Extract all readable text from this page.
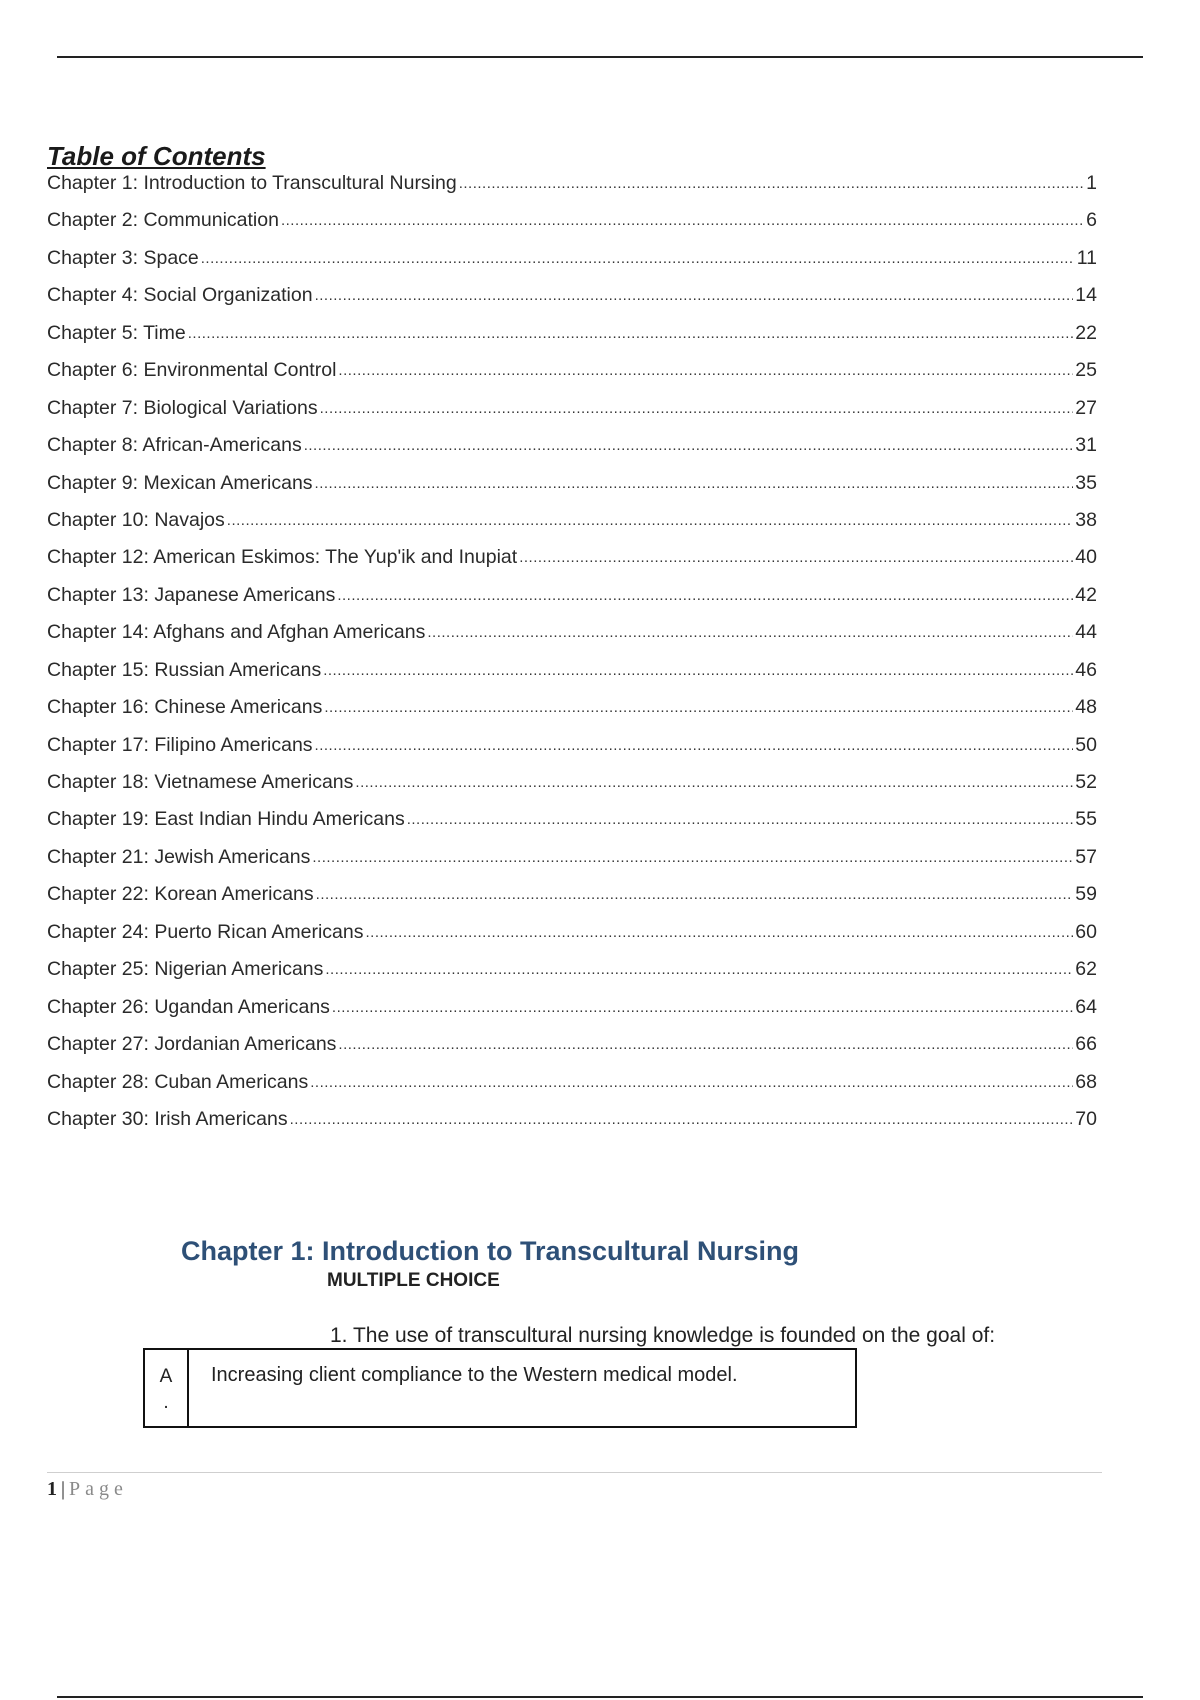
Table of Contents
Chapter 1: Introduction to Transcultural Nursing .....	1
Chapter 2: Communication .....	6
Chapter 3: Space .....	11
Chapter 4: Social Organization .....	14
Chapter 5: Time .....	22
Chapter 6: Environmental Control .....	25
Chapter 7: Biological Variations .....	27
Chapter 8: African-Americans .....	31
Chapter 9: Mexican Americans .....	35
Chapter 10: Navajos .....	38
Chapter 12: American Eskimos: The Yup'ik and Inupiat .....	40
Chapter 13: Japanese Americans .....	42
Chapter 14: Afghans and Afghan Americans .....	44
Chapter 15: Russian Americans .....	46
Chapter 16: Chinese Americans .....	48
Chapter 17: Filipino Americans .....	50
Chapter 18: Vietnamese Americans .....	52
Chapter 19: East Indian Hindu Americans .....	55
Chapter 21: Jewish Americans .....	57
Chapter 22: Korean Americans .....	59
Chapter 24: Puerto Rican Americans .....	60
Chapter 25: Nigerian Americans .....	62
Chapter 26: Ugandan Americans .....	64
Chapter 27: Jordanian Americans .....	66
Chapter 28: Cuban Americans .....	68
Chapter 30: Irish Americans .....	70
Chapter 1: Introduction to Transcultural Nursing
MULTIPLE CHOICE
1. The use of transcultural nursing knowledge is founded on the goal of:
A
.
Increasing client compliance to the Western medical model.
1 | Page
